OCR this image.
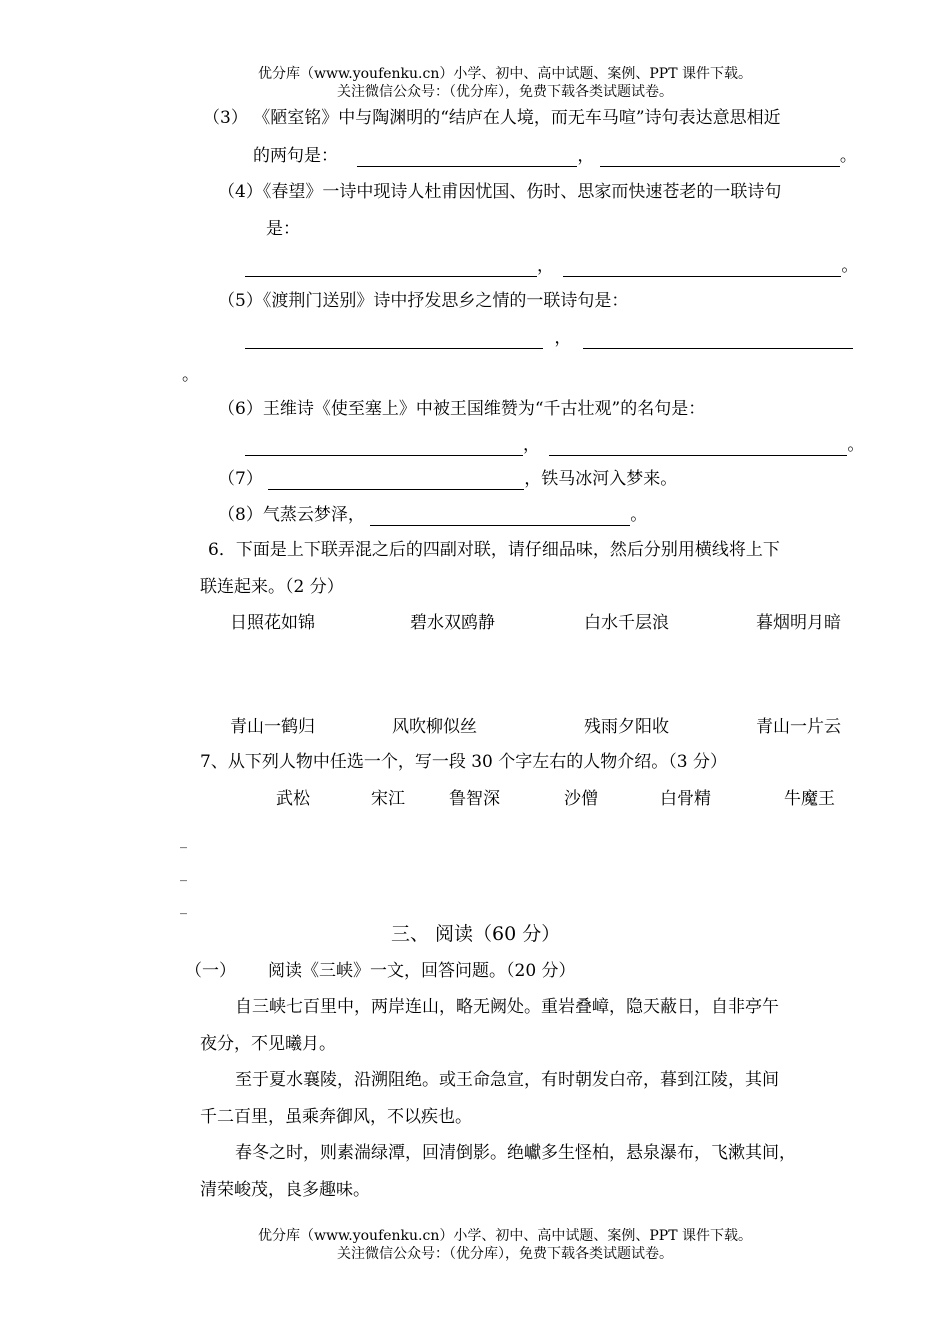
优分库（www.youfenku.cn）小学、初中、高中试题、案例、PPT 课件下载。
关注微信公众号：（优分库），免费下载各类试题试卷。
（3） 《陋室铭》中与陶渊明的“结庐在人境，而无车马喧”诗句表达意思相近
的两句是：	，	。
（4）《春望》一诗中现诗人杜甫因忧国、伤时、思家而快速苍老的一联诗句
是：
，	。
（5）《渡荆门送别》诗中抒发思乡之情的一联诗句是：
，
。
（6）王维诗《使至塞上》中被王国维赞为“千古壮观”的名句是：
，	。
（7）	，铁马冰河入梦来。
（8）气蒸云梦泽，	。
6．下面是上下联弄混之后的四副对联，请仔细品味，然后分别用横线将上下
联连起来。（2 分）
日照花如锦	碧水双鸥静	白水千层浪	暮烟明月暗
青山一鹤归	风吹柳似丝	残雨夕阳收	青山一片云
7、从下列人物中任选一个，写一段 30 个字左右的人物介绍。（3 分）
武松	宋江	鲁智深	沙僧	白骨精	牛魔王
_
_
_
三、 阅读（60 分）
（一） 阅读《三峡》一文，回答问题。（20 分）
自三峡七百里中，两岸连山，略无阙处。重岩叠嶂，隐天蔽日，自非亭午
夜分，不见曦月。
至于夏水襄陵，沿溯阻绝。或王命急宣，有时朝发白帝，暮到江陵，其间
千二百里，虽乘奔御风，不以疾也。
春冬之时，则素湍绿潭，回清倒影。绝巘多生怪柏，悬泉瀑布，飞漱其间，
清荣峻茂，良多趣味。
优分库（www.youfenku.cn）小学、初中、高中试题、案例、PPT 课件下载。
关注微信公众号：（优分库），免费下载各类试题试卷。
